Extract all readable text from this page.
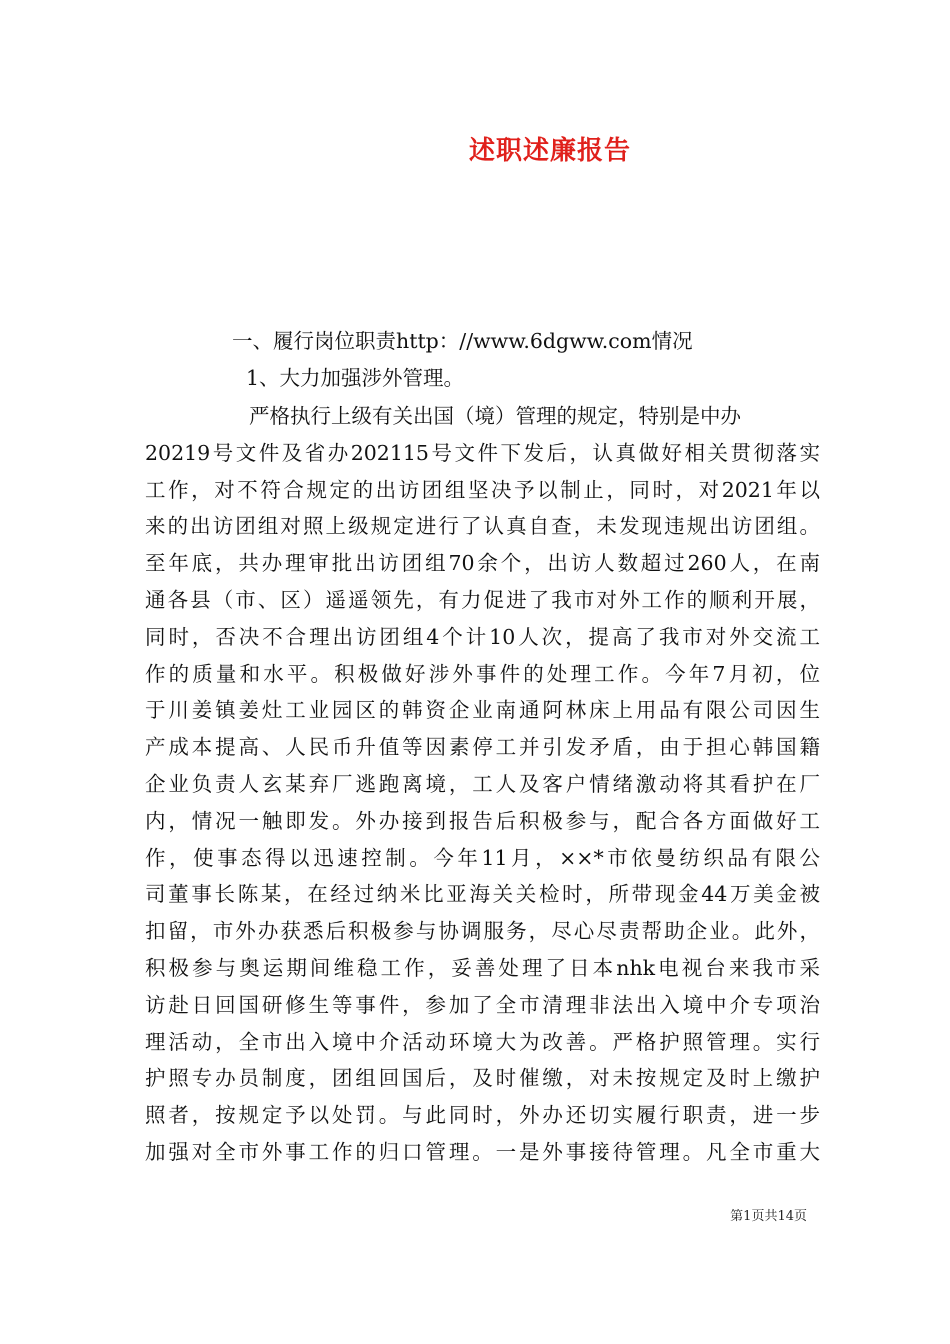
述职述廉报告
一、履行岗位职责http：//www.6dgww.com情况
1、大力加强涉外管理。
严格执行上级有关出国（境）管理的规定，特别是中办
20219号文件及省办202115号文件下发后，认真做好相关贯彻落实
工作，对不符合规定的出访团组坚决予以制止，同时，对2021年以
来的出访团组对照上级规定进行了认真自查，未发现违规出访团组。
至年底，共办理审批出访团组70余个，出访人数超过260人，在南
通各县（市、区）遥遥领先，有力促进了我市对外工作的顺利开展，
同时，否决不合理出访团组4个计10人次，提高了我市对外交流工
作的质量和水平。积极做好涉外事件的处理工作。今年7月初，位
于川姜镇姜灶工业园区的韩资企业南通阿林床上用品有限公司因生
产成本提高、人民币升值等因素停工并引发矛盾，由于担心韩国籍
企业负责人玄某弃厂逃跑离境，工人及客户情绪激动将其看护在厂
内，情况一触即发。外办接到报告后积极参与，配合各方面做好工
作，使事态得以迅速控制。今年11月，××*市依曼纺织品有限公
司董事长陈某，在经过纳米比亚海关关检时，所带现金44万美金被
扣留，市外办获悉后积极参与协调服务，尽心尽责帮助企业。此外，
积极参与奥运期间维稳工作，妥善处理了日本nhk电视台来我市采
访赴日回国研修生等事件，参加了全市清理非法出入境中介专项治
理活动，全市出入境中介活动环境大为改善。严格护照管理。实行
护照专办员制度，团组回国后，及时催缴，对未按规定及时上缴护
照者，按规定予以处罚。与此同时，外办还切实履行职责，进一步
加强对全市外事工作的归口管理。一是外事接待管理。凡全市重大
第1页共14页
